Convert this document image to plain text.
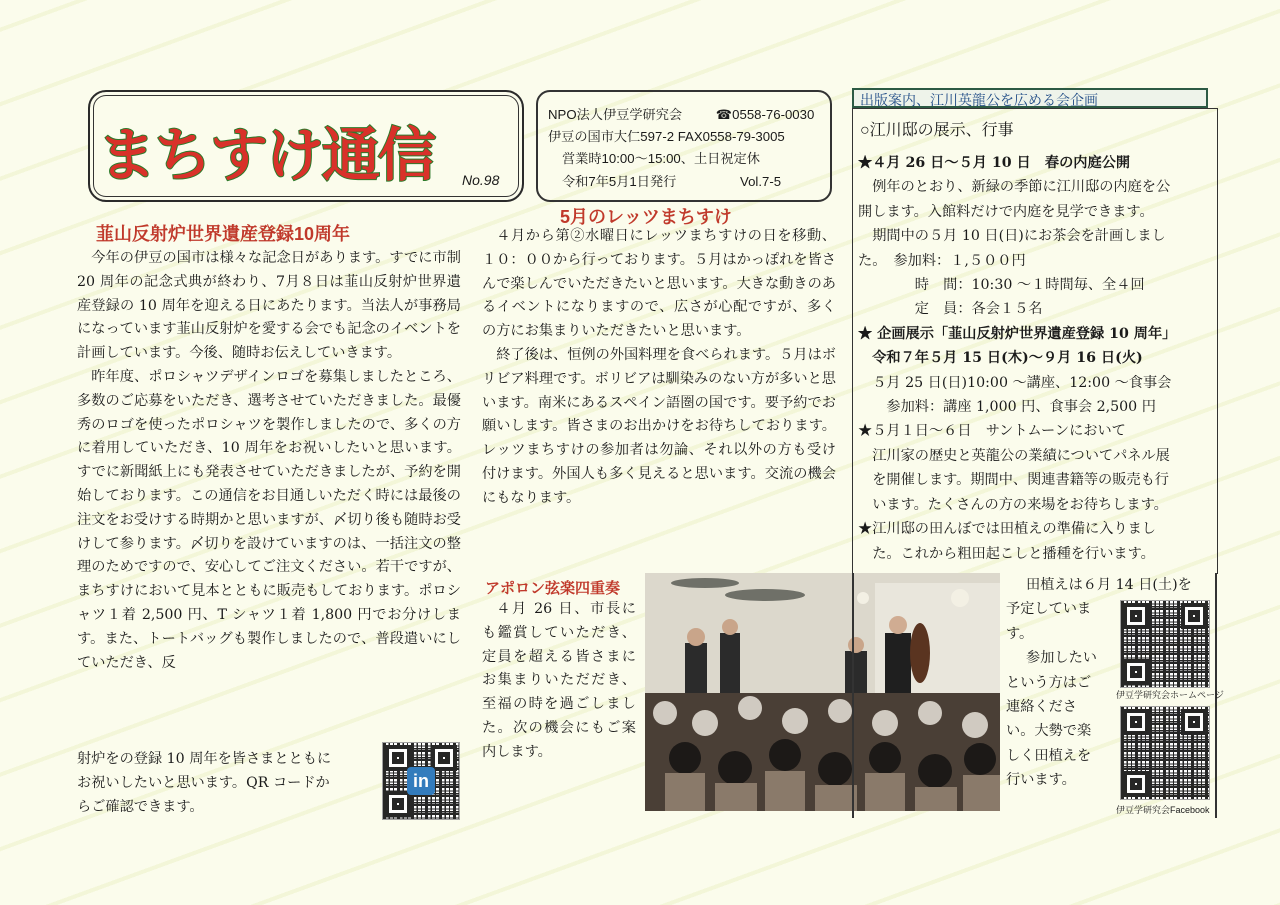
まちすけ通信 No.98
NPO法人伊豆学研究会	☎0558-76-0030
伊豆の国市大仁597-2 FAX0558-79-3005
営業時10:00〜15:00、土日祝定休
令和7年5月1日発行	Vol.7-5
韮山反射炉世界遺産登録10周年

今年の伊豆の国市は様々な記念日があります。すでに市制 20 周年の記念式典が終わり、7月８日は韮山反射炉世界遺産登録の 10 周年を迎える日にあたります。当法人が事務局になっています韮山反射炉を愛する会でも記念のイベントを計画しています。今後、随時お伝えしていきます。

昨年度、ポロシャツデザインロゴを募集しましたところ、多数のご応募をいただき、選考させていただきました。最優秀のロゴを使ったポロシャツを製作しましたので、多くの方に着用していただき、10 周年をお祝いしたいと思います。すでに新聞紙上にも発表させていただきましたが、予約を開始しております。この通信をお目通しいただく時には最後の注文をお受けする時期かと思いますが、〆切り後も随時お受けして参ります。〆切りを設けていますのは、一括注文の整理のためですので、安心してご注文ください。若干ですが、まちすけにおいて見本とともに販売もしております。ポロシャツ１着 2,500 円、T シャツ１着 1,800 円でお分けします。また、トートバッグも製作しましたので、普段遣いにしていただき、反

射炉をの登録 10 周年を皆さまとともに

お祝いしたいと思います。QR コードか

らご確認できます。

in
5月のレッツまちすけ

４月から第②水曜日にレッツまちすけの日を移動、１０：００から行っております。５月はかっぽれを皆さんで楽しんでいただきたいと思います。大きな動きのあるイベントになりますので、広さが心配ですが、多くの方にお集まりいただきたいと思います。

終了後は、恒例の外国料理を食べられます。５月はボリビア料理です。ボリビアは馴染みのない方が多いと思います。南米にあるスペイン語圏の国です。要予約でお願いします。皆さまのお出かけをお待ちしております。レッツまちすけの参加者は勿論、それ以外の方も受け付けます。外国人も多く見えると思います。交流の機会にもなります。

アポロン弦楽四重奏

４月 26 日、市長にも鑑賞していただき、定員を超える皆さまにお集まりいただだき、至福の時を過ごしました。次の機会にもご案内します。

出版案内、江川英龍公を広める会企画
○江川邸の展示、行事

★４月 26 日〜５月 10 日　春の内庭公開

　例年のとおり、新緑の季節に江川邸の内庭を公

開します。入館料だけで内庭を見学できます。

　期間中の５月 10 日(日)にお茶会を計画しまし

た。　参加料：１,５００円

　　　　時　間：10:30 〜１時間毎、全４回

　　　　定　員：各会１５名

★ 企画展示「韮山反射炉世界遺産登録 10 周年」

　令和７年５月 15 日(木)〜９月 16 日(火)

　５月 25 日(日)10:00 〜講座、12:00 〜食事会

　　参加料：講座 1,000 円、食事会 2,500 円

★５月１日〜６日　サントムーンにおいて

　江川家の歴史と英龍公の業績についてパネル展

　を開催します。期間中、関連書籍等の販売も行

　います。たくさんの方の来場をお待ちします。

★江川邸の田んぼでは田植えの準備に入りまし

　た。これから粗田起こしと播種を行います。

田植えは６月 14 日(土)を

予定していま

す。

参加したい

という方はご

連絡くださ

い。大勢で楽

しく田植えを

行います。

伊豆学研究会ホームページ
伊豆学研究会Facebook
